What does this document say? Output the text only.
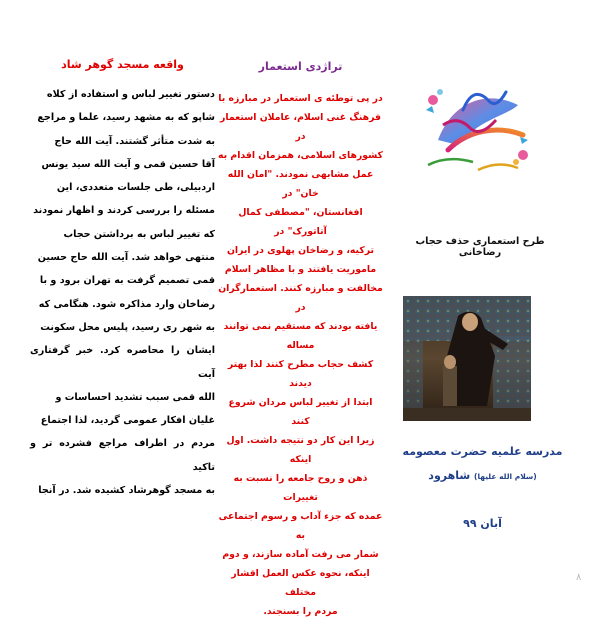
واقعه مسجد گوهر شاد
دستور تغییر لباس و استفاده از کلاه
شاپو که به مشهد رسید، علما و مراجع
به شدت متأثر گشتند. آیت الله حاج
آقا حسین قمی و آیت الله سید یونس
اردبیلی، طی جلسات متعددی، این
مسئله را بررسی کردند و اظهار نمودند
که تغییر لباس به برداشتن حجاب
منتهی خواهد شد. آیت الله حاج حسین
قمی تصمیم گرفت به تهران برود و با
رضاخان وارد مذاکره شود. هنگامی که
به شهر ری رسید، پلیس محل سکونت
ایشان را محاصره کرد. خبر گرفتاری آیت
الله قمی سبب تشدید احساسات و
غلیان افکار عمومی گردید، لذا اجتماع
مردم در اطراف مراجع فشرده تر و تاکید
به مسجد گوهرشاد کشیده شد. در آنجا
تراژدی استعمار
در پی توطئه ی استعمار در مبارزه با
فرهنگ غنی اسلام، عاملان استعمار در
کشورهای اسلامی، همزمان اقدام به
عمل مشابهی نمودند. "امان الله خان" در
افغانستان، "مصطفی کمال آتاتورک" در
ترکیه، و رضاخان پهلوی در ایران
ماموریت یافتند و با مظاهر اسلام
مخالفت و مبارزه کنند. استعمارگران در
یافته بودند که مستقیم نمی توانند مساله
کشف حجاب مطرح کنند لذا بهتر دیدند
ابتدا از تغییر لباس مردان شروع کنند
زیرا این کار دو نتیجه داشت. اول اینکه
ذهن و روح جامعه را نسبت به تغییرات
عمده که جزء آداب و رسوم اجتماعی به
شمار می رفت آماده سازند، و دوم
اینکه، نحوه عکس العمل اقشار مختلف
مردم را بسنجند.
طرح استعماری حذف حجاب رضاخانی
مدرسه علمیه حضرت معصومه (سلام الله علیها) شاهرود
آبان ۹۹
۸
